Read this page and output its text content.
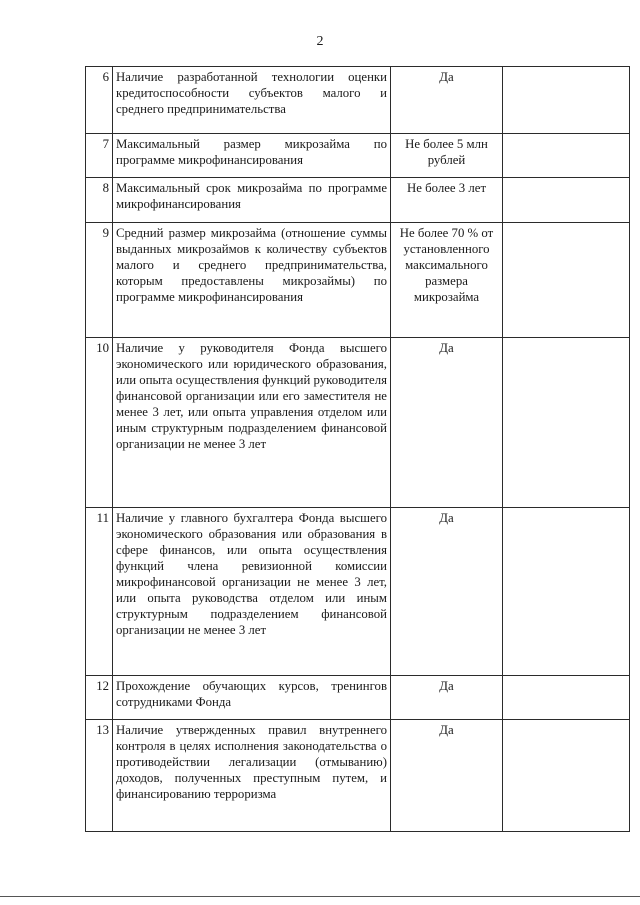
2
6	Наличие разработанной технологии оценки кредитоспособности субъектов малого и среднего предпринимательства	Да	
7	Максимальный размер микрозайма по программе микрофинансирования	Не более 5 млн рублей	
8	Максимальный срок микрозайма по программе микрофинансирования	Не более 3 лет	
9	Средний размер микрозайма (отношение суммы выданных микрозаймов к количеству субъектов малого и среднего предпринимательства, которым предоставлены микрозаймы) по программе микрофинансирования	Не более 70 % от установленного максимального размера микрозайма	
10	Наличие у руководителя Фонда высшего экономического или юридического образования, или опыта осуществления функций руководителя финансовой организации или его заместителя не менее 3 лет, или опыта управления отделом или иным структурным подразделением финансовой организации не менее 3 лет	Да	
11	Наличие у главного бухгалтера Фонда высшего экономического образования или образования в сфере финансов, или опыта осуществления функций члена ревизионной комиссии микрофинансовой организации не менее 3 лет, или опыта руководства отделом или иным структурным подразделением финансовой организации не менее 3 лет	Да	
12	Прохождение обучающих курсов, тренингов сотрудниками Фонда	Да	
13	Наличие утвержденных правил внутреннего контроля в целях исполнения законодательства о противодействии легализации (отмыванию) доходов, полученных преступным путем, и финансированию терроризма	Да	
